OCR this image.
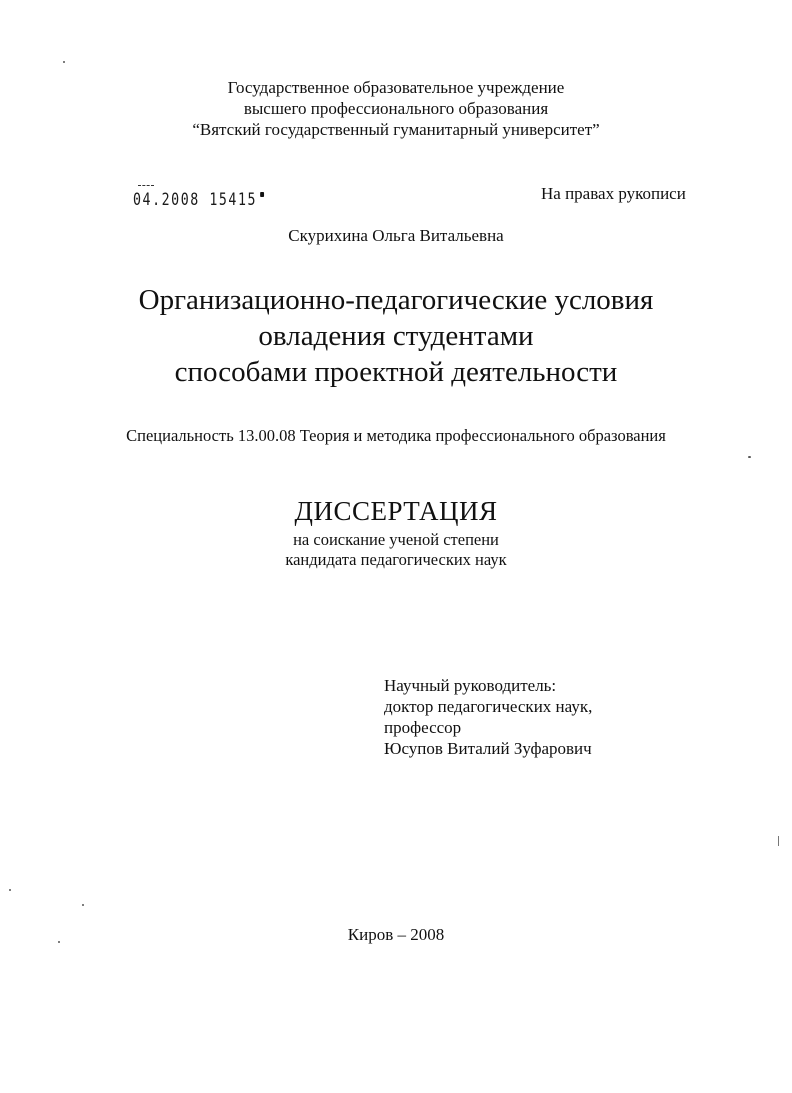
Государственное образовательное учреждение
высшего профессионального образования
“Вятский государственный гуманитарный университет”
04.2008 15415	На правах рукописи
Скурихина Ольга Витальевна
Организационно-педагогические условия
овладения студентами
способами проектной деятельности
Специальность 13.00.08 Теория и методика профессионального образования
ДИССЕРТАЦИЯ
на соискание ученой степени
кандидата педагогических наук
Научный руководитель:
доктор педагогических наук,
профессор
Юсупов Виталий Зуфарович
Киров – 2008
